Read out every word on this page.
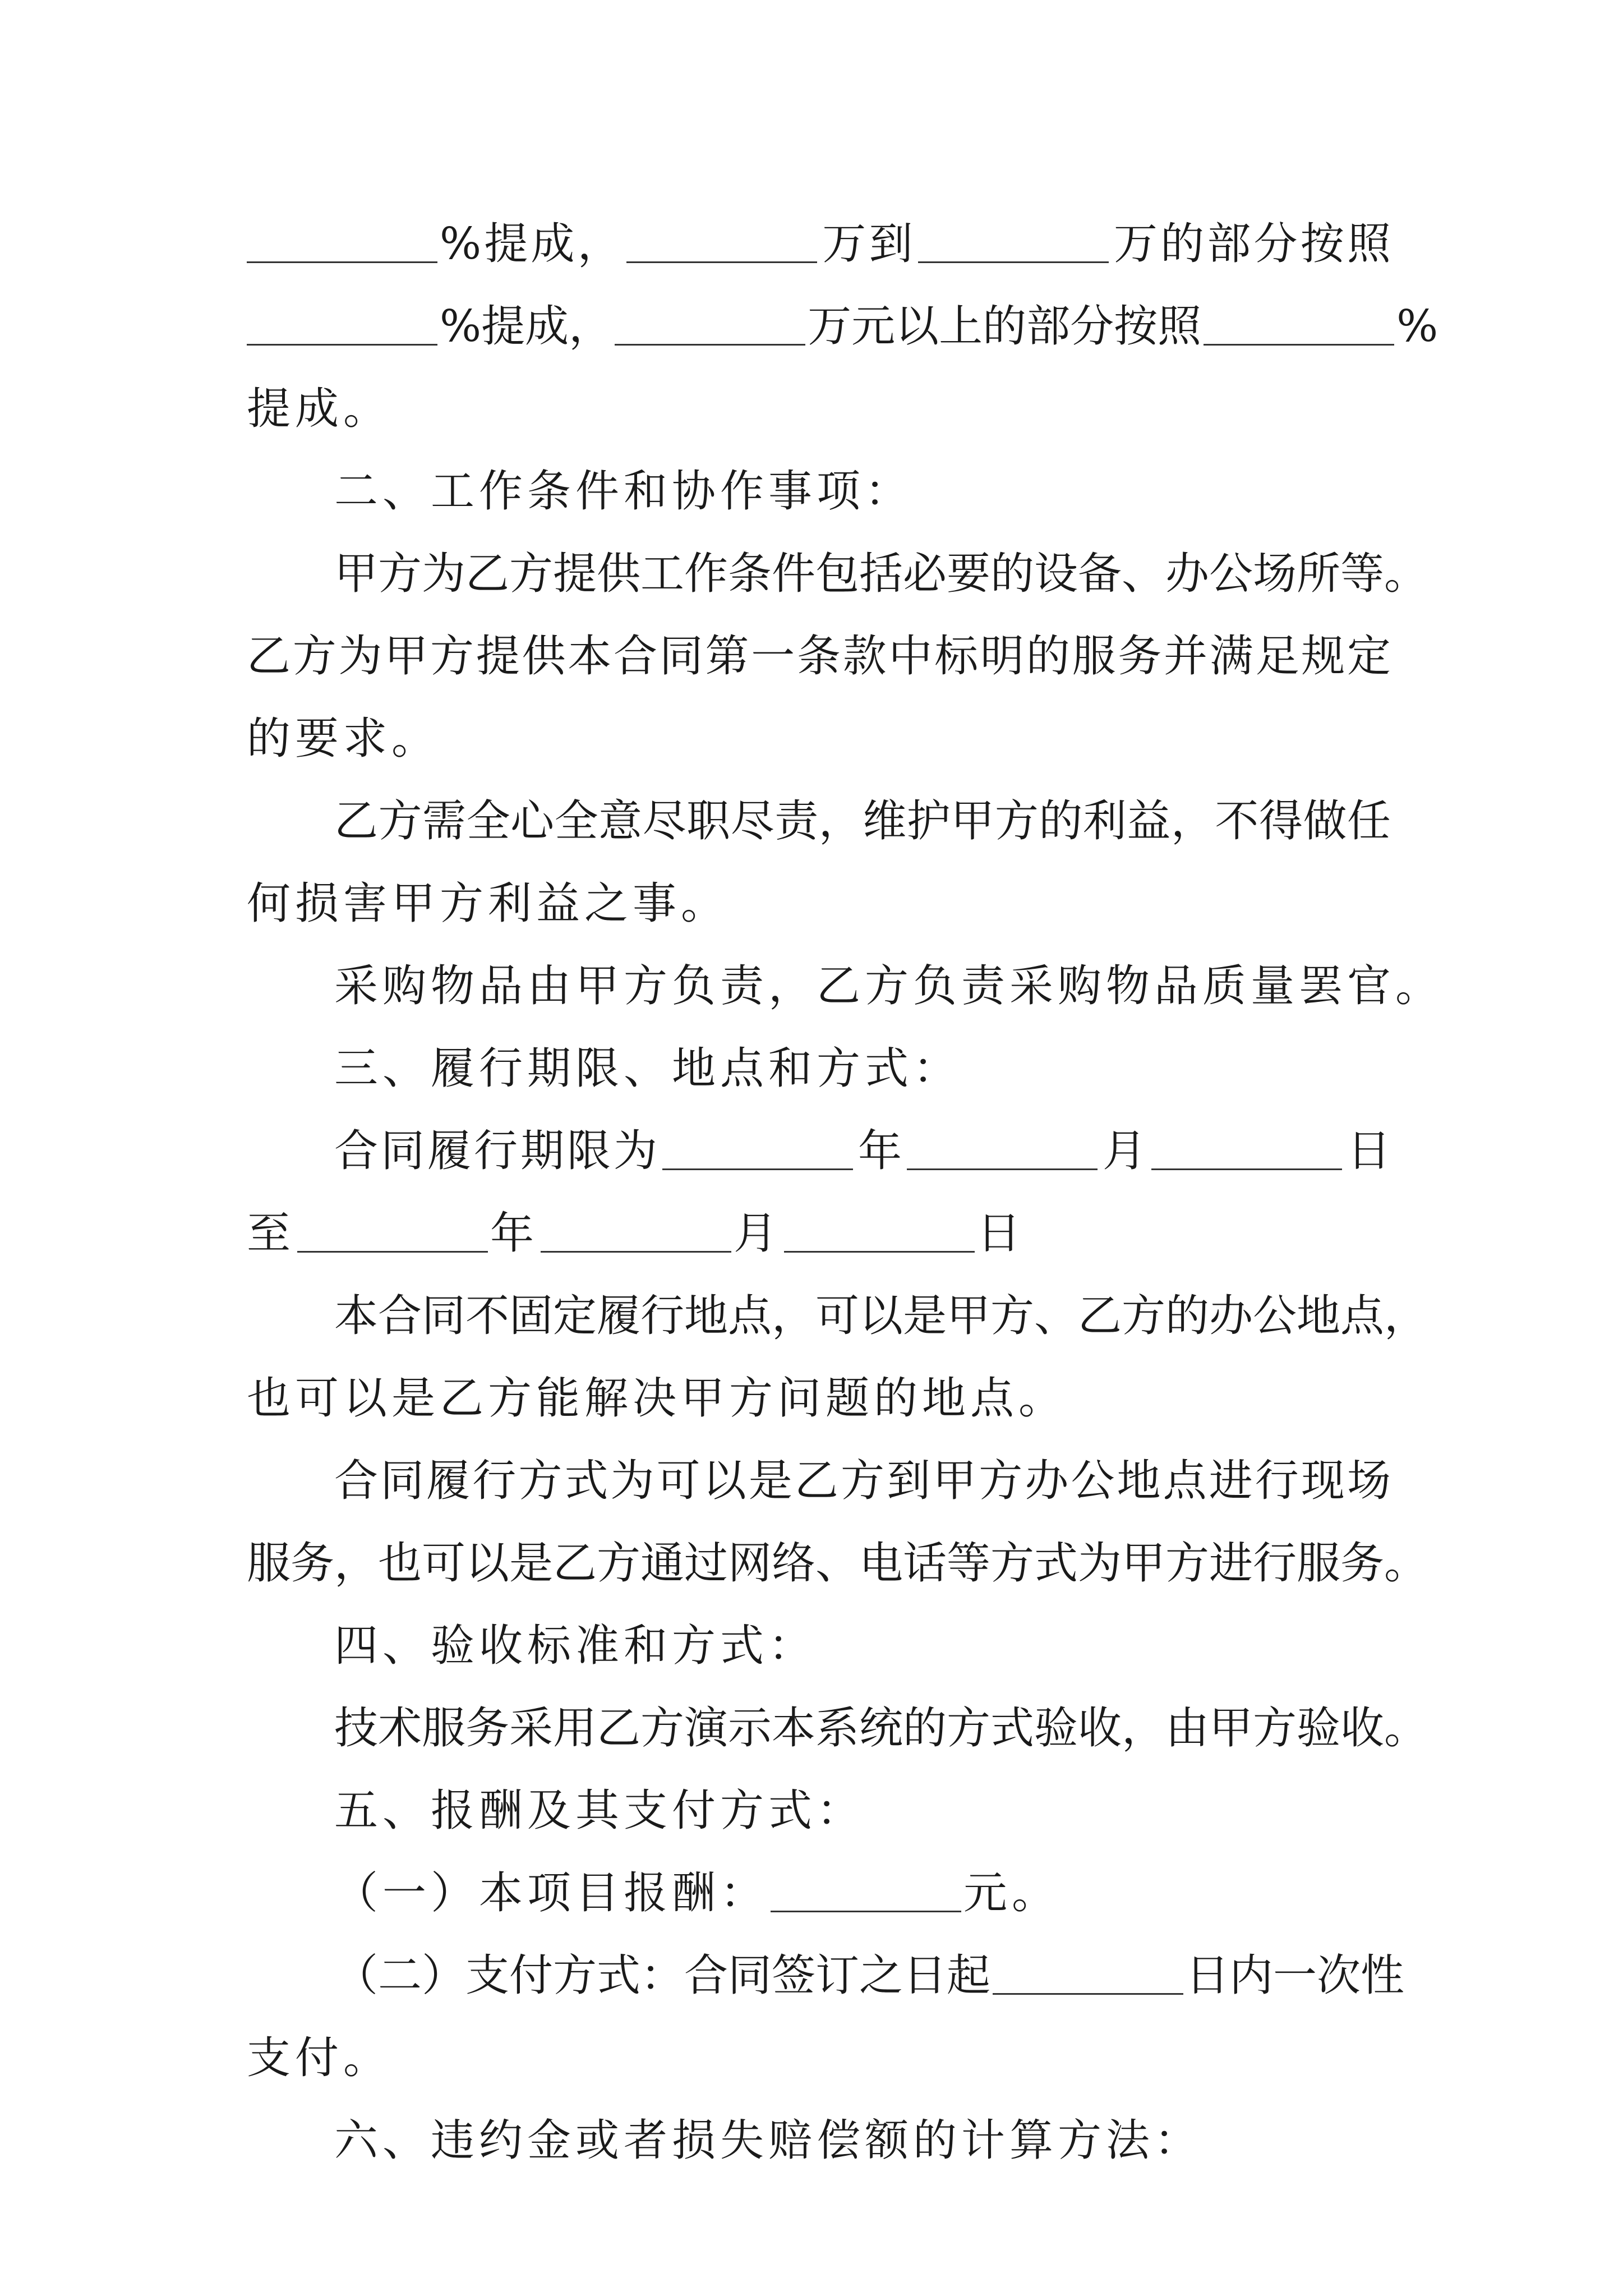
%提成，	万到	万的部分按照
%提成，	万元以上的部分按照	%
提成。
二、工作条件和协作事项：
甲方为乙方提供工作条件包括必要的设备、办公场所等。
乙方为甲方提供本合同第一条款中标明的服务并满足规定
的要求。
乙方需全心全意尽职尽责，维护甲方的利益，不得做任
何损害甲方利益之事。
采购物品由甲方负责，乙方负责采购物品质量罢官。
三、履行期限、地点和方式：
合同履行期限为	年	月	日
至	年	月	日
本合同不固定履行地点，可以是甲方、乙方的办公地点，
也可以是乙方能解决甲方问题的地点。
合同履行方式为可以是乙方到甲方办公地点进行现场
服务，也可以是乙方通过网络、电话等方式为甲方进行服务。
四、验收标准和方式：
技术服务采用乙方演示本系统的方式验收，由甲方验收。
五、报酬及其支付方式：
（一）本项目报酬：	元。
（二）支付方式：合同签订之日起	日内一次性
支付。
六、违约金或者损失赔偿额的计算方法：
